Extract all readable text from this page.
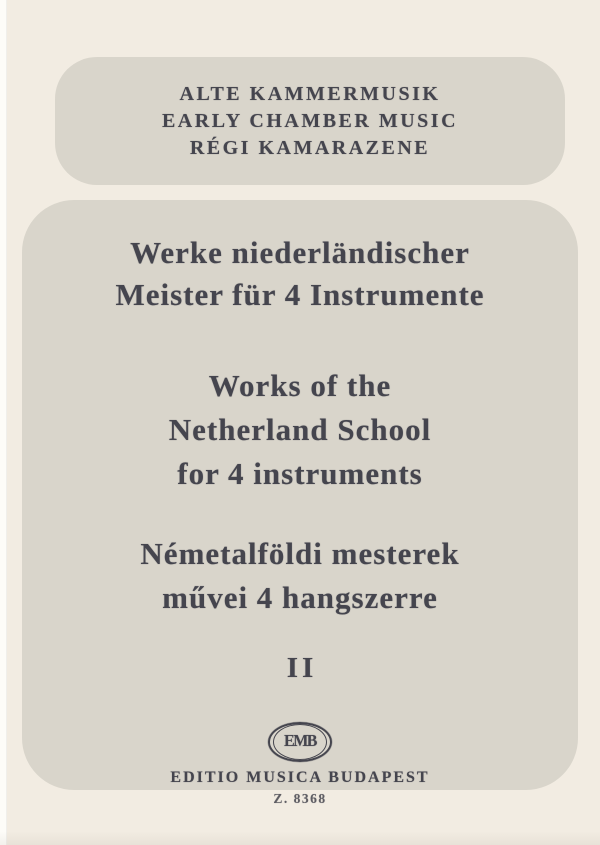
ALTE KAMMERMUSIK
EARLY CHAMBER MUSIC
RÉGI KAMARAZENE
Werke niederländischer
Meister für 4 Instrumente
Works of the
Netherland School
for 4 instruments
Németalföldi mesterek
művei 4 hangszerre
II
EMB
EDITIO MUSICA BUDAPEST
Z. 8368
